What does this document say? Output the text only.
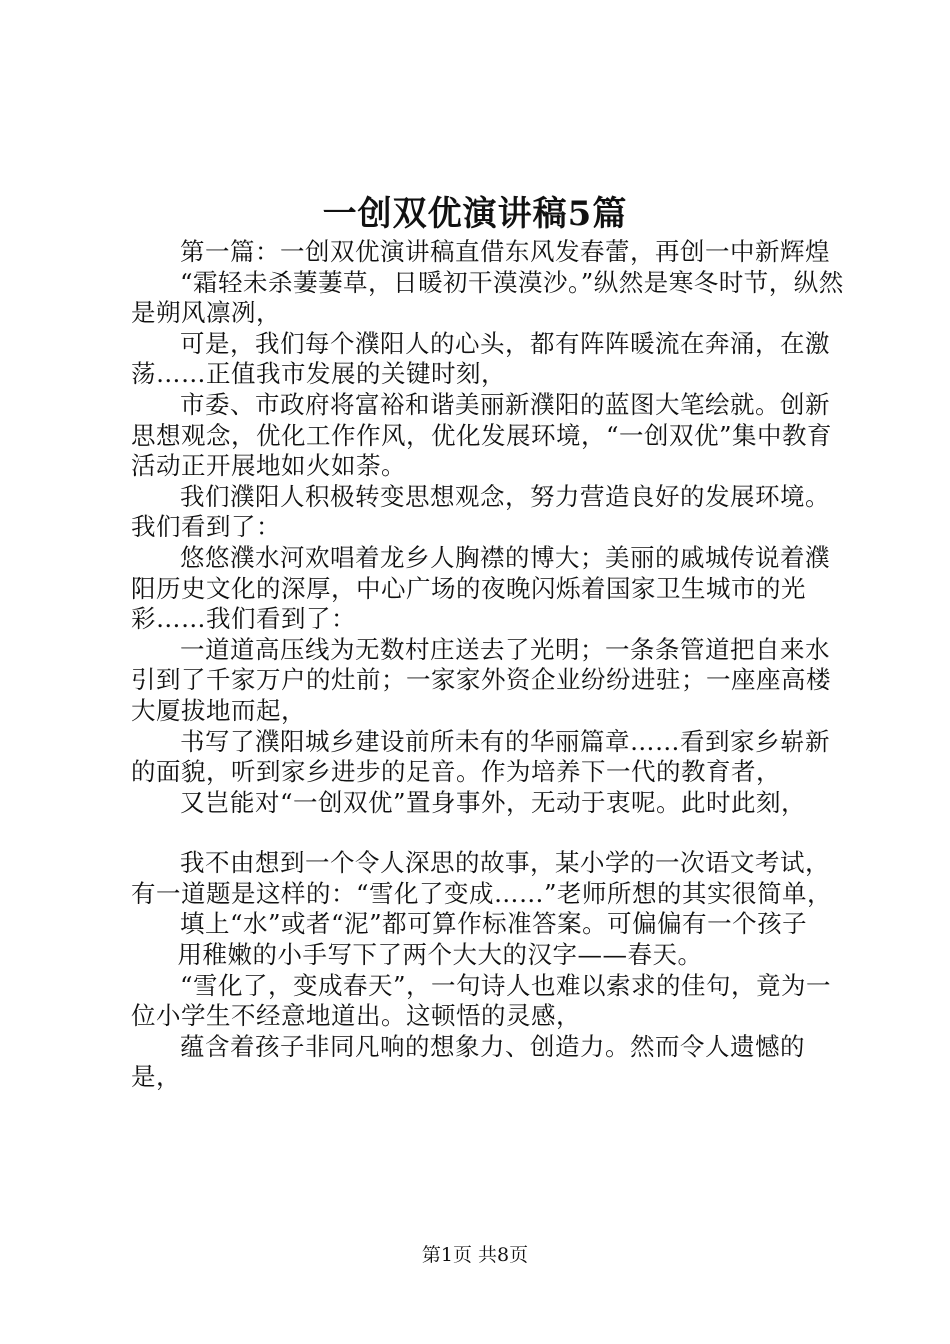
一创双优演讲稿5篇

第一篇：一创双优演讲稿直借东风发春蕾，再创一中新辉煌

“霜轻未杀萋萋草，日暖初干漠漠沙。”纵然是寒冬时节，纵然是朔风凛冽，

可是，我们每个濮阳人的心头，都有阵阵暖流在奔涌，在激荡……正值我市发展的关键时刻，

市委、市政府将富裕和谐美丽新濮阳的蓝图大笔绘就。创新思想观念，优化工作作风，优化发展环境，“一创双优”集中教育活动正开展地如火如荼。

我们濮阳人积极转变思想观念，努力营造良好的发展环境。我们看到了：

悠悠濮水河欢唱着龙乡人胸襟的博大；美丽的戚城传说着濮阳历史文化的深厚，中心广场的夜晚闪烁着国家卫生城市的光彩……我们看到了：

一道道高压线为无数村庄送去了光明；一条条管道把自来水引到了千家万户的灶前；一家家外资企业纷纷进驻；一座座高楼大厦拔地而起，

书写了濮阳城乡建设前所未有的华丽篇章……看到家乡崭新的面貌，听到家乡进步的足音。作为培养下一代的教育者，

又岂能对“一创双优”置身事外，无动于衷呢。此时此刻，

我不由想到一个令人深思的故事，某小学的一次语文考试，有一道题是这样的：“雪化了变成……”老师所想的其实很简单，

填上“水”或者“泥”都可算作标准答案。可偏偏有一个孩子

用稚嫩的小手写下了两个大大的汉字——春天。

“雪化了，变成春天”，一句诗人也难以索求的佳句，竟为一位小学生不经意地道出。这顿悟的灵感，

蕴含着孩子非同凡响的想象力、创造力。然而令人遗憾的是，

第1页 共8页
